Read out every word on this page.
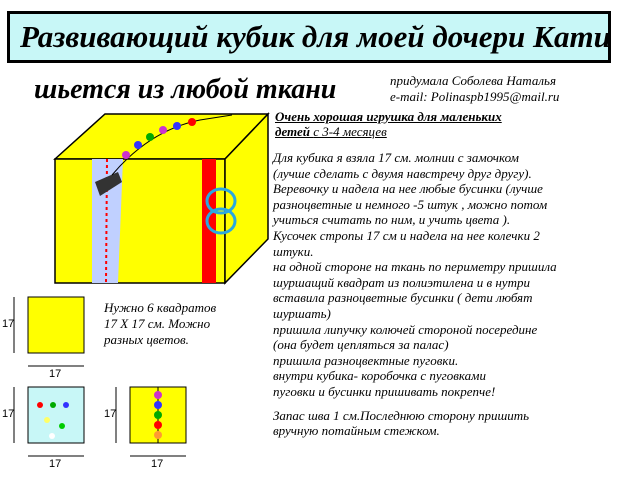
Развивающий кубик для моей дочери Кати
шьется из любой ткани	придумала Соболева Наталья
e-mail: Polinaspb1995@mail.ru
Очень хорошая игрушка для маленьких
детей с 3-4 месяцев
17
17
17
17
17
17
Нужно 6 квадратов
17 Х 17 см. Можно
разных цветов.

Для кубика я взяла 17 см. молнии с замочком

(лучше сделать с двумя навстречу друг другу).

Веревочку и надела на нее любые бусинки (лучше

разноцветные и немного -5 штук , можно потом

учиться считать по ним, и учить цвета ).

Кусочек стропы 17 см и надела на нее колечки 2

штуки.

на одной стороне на ткань по периметру пришила

шуршащий квадрат из полиэтилена и в нутри

вставила разноцветные бусинки ( дети любят

шуршать)

пришила липучку колючей стороной посередине

(она будет цепляться за палас)

пришила разноцвектные пуговки.

внутри кубика- коробочка с пуговками

пуговки и бусинки пришивать покрепче!

Запас шва 1 см.Последнюю сторону пришить

вручную потайным стежком.
